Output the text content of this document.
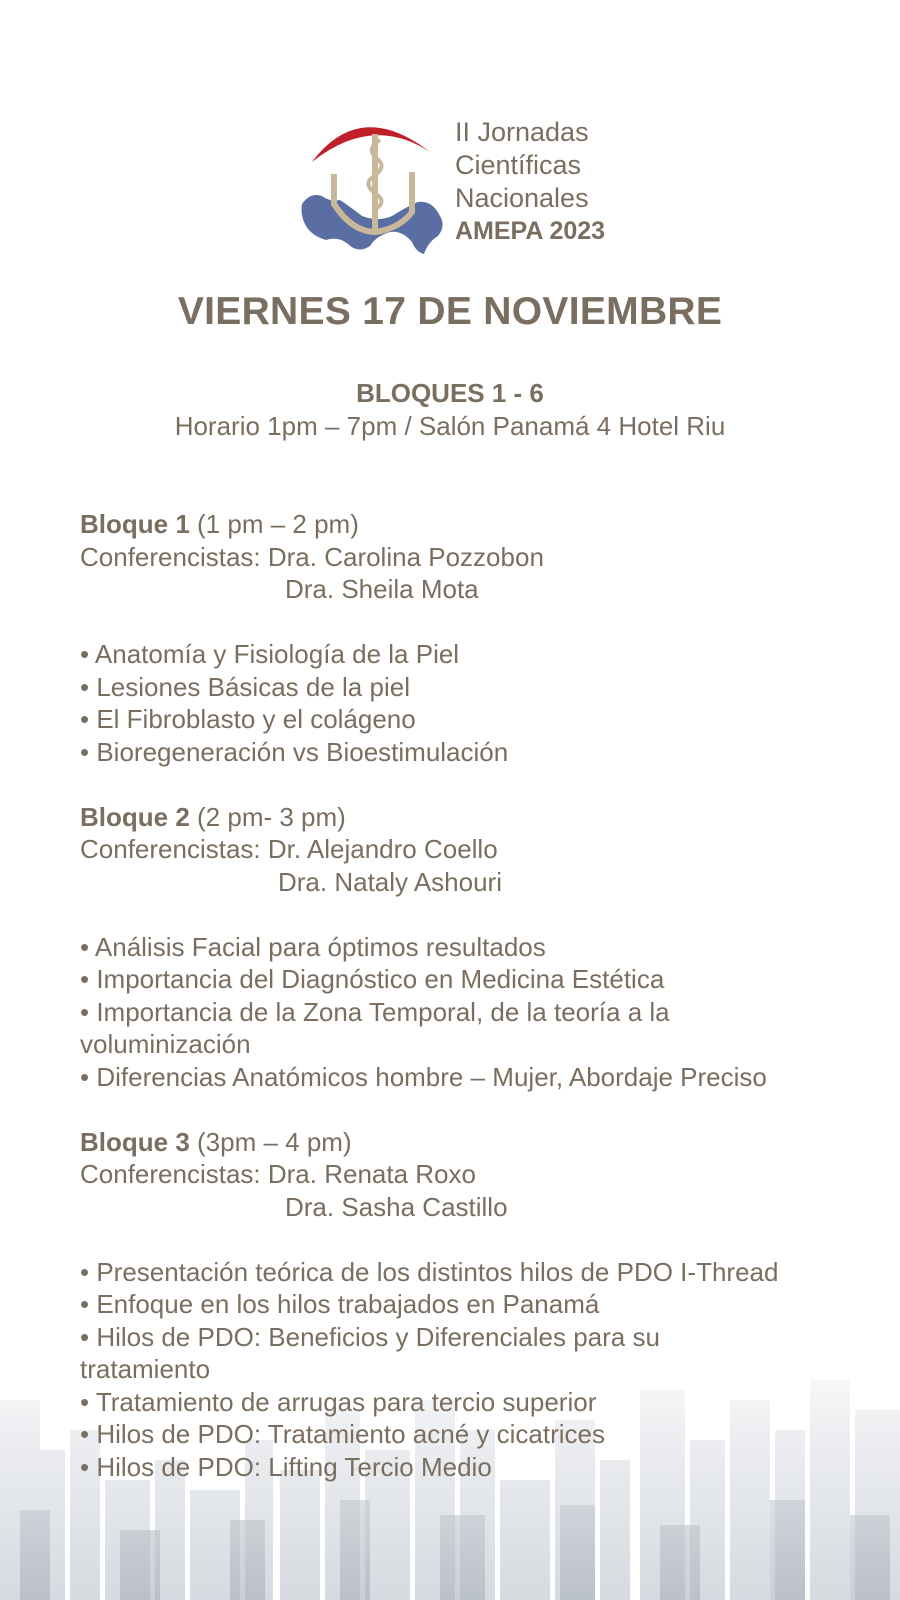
II Jornadas
Científicas
Nacionales
AMEPA 2023
VIERNES 17 DE NOVIEMBRE
BLOQUES 1 - 6
Horario 1pm – 7pm / Salón Panamá 4 Hotel Riu
Bloque 1 (1 pm – 2 pm)
Conferencistas: Dra. Carolina Pozzobon
Dra. Sheila Mota
• Anatomía y Fisiología de la Piel
• Lesiones Básicas de la piel
• El Fibroblasto y el colágeno
• Bioregeneración vs Bioestimulación
Bloque 2 (2 pm- 3 pm)
Conferencistas: Dr. Alejandro Coello
Dra. Nataly Ashouri
• Análisis Facial para óptimos resultados
• Importancia del Diagnóstico en Medicina Estética
• Importancia de la Zona Temporal, de la teoría a la voluminización
• Diferencias Anatómicos hombre – Mujer, Abordaje Preciso
Bloque 3 (3pm – 4 pm)
Conferencistas: Dra. Renata Roxo
Dra. Sasha Castillo
• Presentación teórica de los distintos hilos de PDO I-Thread
• Enfoque en los hilos trabajados en Panamá
• Hilos de PDO: Beneficios y Diferenciales para su tratamiento
• Tratamiento de arrugas para tercio superior
• Hilos de PDO: Tratamiento acné y cicatrices
• Hilos de PDO: Lifting Tercio Medio
